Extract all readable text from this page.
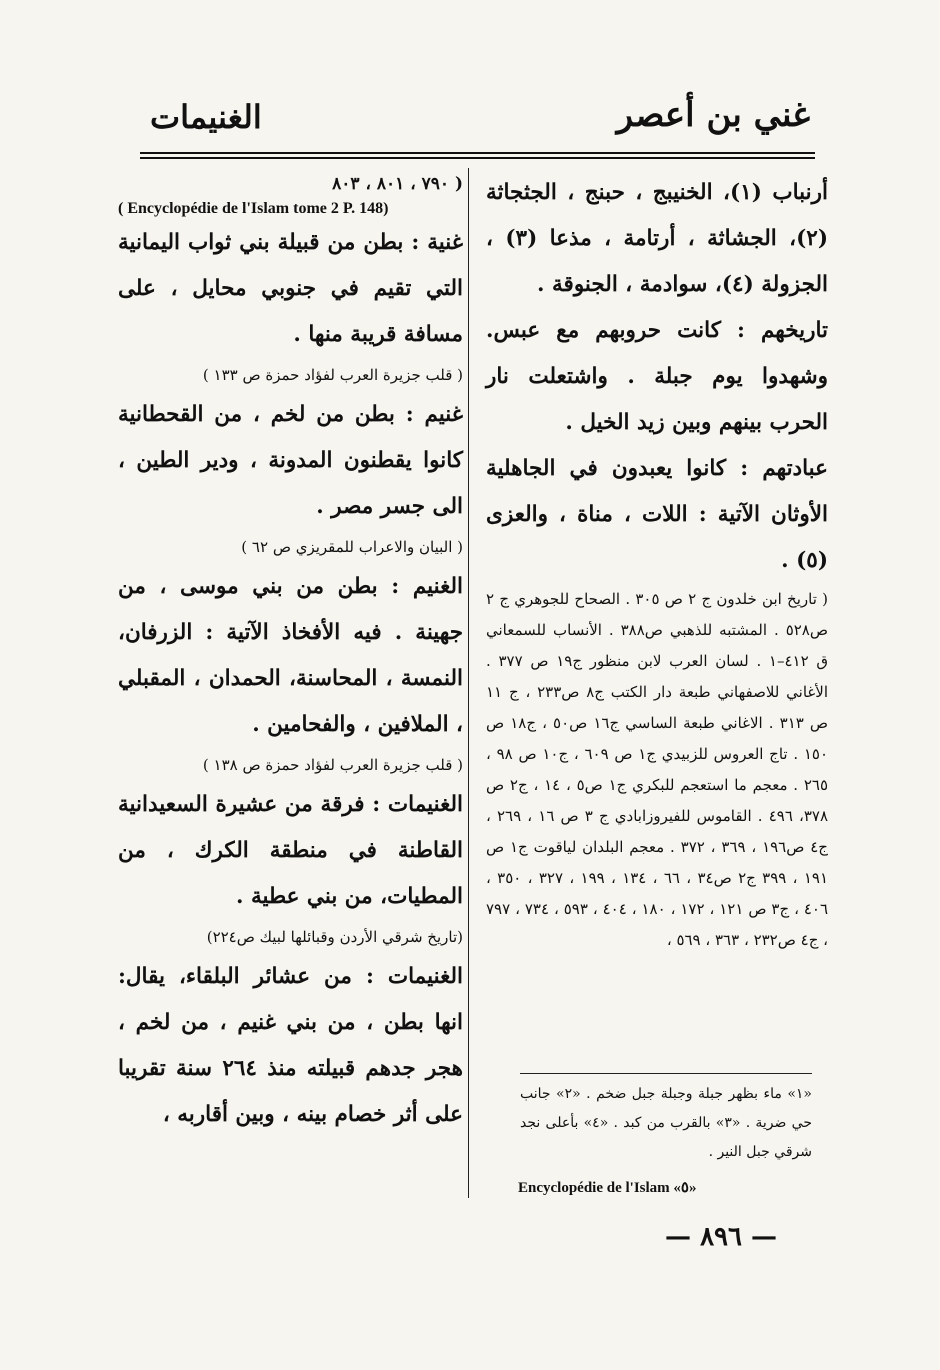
غني بن أعصر
الغنيمات

أرنباب (١)، الخنيبج ، حبنج ، الجثجاثة (٢)، الجشاثة ، أرتامة ، مذعا (٣) ، الجزولة (٤)، سوادمة ، الجنوقة .

تاريخهم : كانت حروبهم مع عبس. وشهدوا يوم جبلة . واشتعلت نار الحرب بينهم وبين زيد الخيل .

عبادتهم : كانوا يعبدون في الجاهلية الأوثان الآتية : اللات ، مناة ، والعزى (٥) .

( تاريخ ابن خلدون ج ٢ ص ٣٠٥ . الصحاح للجوهري ج ٢ ص٥٢٨ . المشتبه للذهبي ص٣٨٨ . الأنساب للسمعاني ق ٤١٢–١ . لسان العرب لابن منظور ج١٩ ص ٣٧٧ . الأغاني للاصفهاني طبعة دار الكتب ج٨ ص٢٣٣ ، ج ١١ ص ٣١٣ . الاغاني طبعة الساسي ج١٦ ص٥٠ ، ج١٨ ص ١٥٠ . تاج العروس للزبيدي ج١ ص ٦٠٩ ، ج١٠ ص ٩٨ ، ٢٦٥ . معجم ما استعجم للبكري ج١ ص٥ ، ١٤ ، ج٢ ص ٣٧٨، ٤٩٦ . القاموس للفيروزابادي ج ٣ ص ١٦ ، ٢٦٩ ، ج٤ ص١٩٦ ، ٣٦٩ ، ٣٧٢ . معجم البلدان لياقوت ج١ ص ١٩١ ، ٣٩٩ ج٢ ص٣٤ ، ٦٦ ، ١٣٤ ، ١٩٩ ، ٣٢٧ ، ٣٥٠ ، ٤٠٦ ، ج٣ ص ١٢١ ، ١٧٢ ، ١٨٠ ، ٤٠٤ ، ٥٩٣ ، ٧٣٤ ، ٧٩٧ ، ج٤ ص٢٣٢ ، ٣٦٣ ، ٥٦٩ ،

«١» ماء بظهر جبلة وجبلة جبل ضخم . «٢» جانب حي ضرية . «٣» بالقرب من كبد . «٤» بأعلى نجد شرقي جبل النير .
Encyclopédie de l'Islam «٥»

( ٧٩٠ ، ٨٠١ ، ٨٠٣

( Encyclopédie de l'Islam tome 2 P. 148)

غنية : بطن من قبيلة بني ثواب اليمانية التي تقيم في جنوبي محايل ، على مسافة قريبة منها .

( قلب جزيرة العرب لفؤاد حمزة ص ١٣٣ )

غنيم : بطن من لخم ، من القحطانية كانوا يقطنون المدونة ، ودير الطين ، الى جسر مصر .

( البيان والاعراب للمقريزي ص ٦٢ )

الغنيم : بطن من بني موسى ، من جهينة . فيه الأفخاذ الآتية : الزرفان، النمسة ، المحاسنة، الحمدان ، المقبلي ، الملافين ، والفحامين .

( قلب جزيرة العرب لفؤاد حمزة ص ١٣٨ )

الغنيمات : فرقة من عشيرة السعيدانية القاطنة في منطقة الكرك ، من المطيات، من بني عطية .

(تاريخ شرقي الأردن وقبائلها لبيك ص٢٢٤)

الغنيمات : من عشائر البلقاء، يقال: انها بطن ، من بني غنيم ، من لخم ، هجر جدهم قبيلته منذ ٢٦٤ سنة تقريبا على أثر خصام بينه ، وبين أقاربه ،

— ٨٩٦ —
